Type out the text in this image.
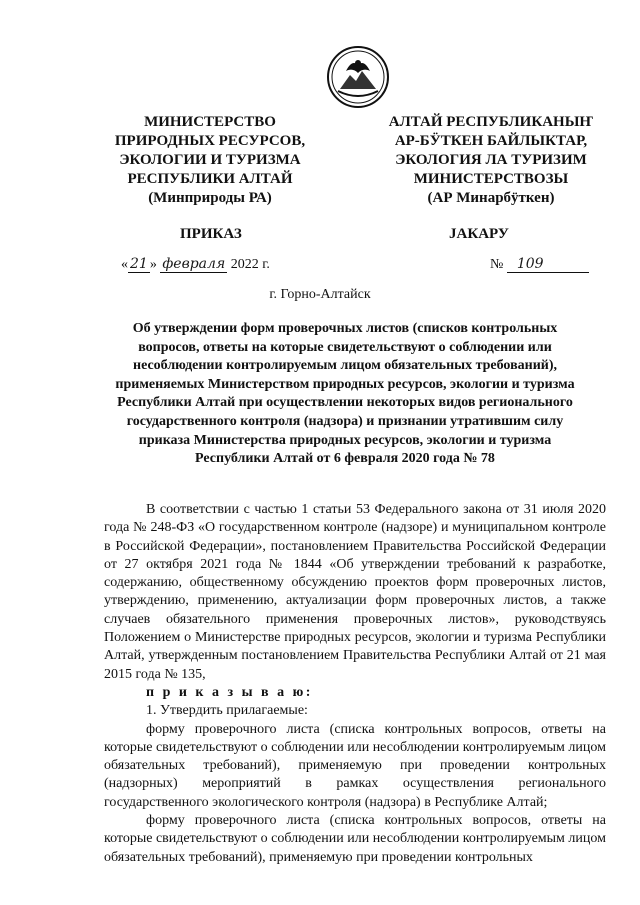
МИНИСТЕРСТВО
ПРИРОДНЫХ РЕСУРСОВ,
ЭКОЛОГИИ И ТУРИЗМА
РЕСПУБЛИКИ АЛТАЙ
(Минприроды РА)
АЛТАЙ РЕСПУБЛИКАНЫҤ
АР-БӰТКЕН БАЙЛЫКТАР,
ЭКОЛОГИЯ ЛА ТУРИЗИМ
МИНИСТЕРСТВОЗЫ
(АР Минарбӱткен)
ПРИКАЗ	JАКАРУ
« 21 » февраля 2022 г.	№ 109
г. Горно-Алтайск
Об утверждении форм проверочных листов (списков контрольных
вопросов, ответы на которые свидетельствуют о соблюдении или
несоблюдении контролируемым лицом обязательных требований),
применяемых Министерством природных ресурсов, экологии и туризма
Республики Алтай при осуществлении некоторых видов регионального
государственного контроля (надзора) и признании утратившим силу
приказа Министерства природных ресурсов, экологии и туризма
Республики Алтай от 6 февраля 2020 года № 78

В соответствии с частью 1 статьи 53 Федерального закона от 31 июля 2020 года № 248-ФЗ «О государственном контроле (надзоре) и муниципальном контроле в Российской Федерации», постановлением Правительства Российской Федерации от 27 октября 2021 года № 1844 «Об утверждении требований к разработке, содержанию, общественному обсуждению проектов форм проверочных листов, утверждению, применению, актуализации форм проверочных листов, а также случаев обязательного применения проверочных листов», руководствуясь Положением о Министерстве природных ресурсов, экологии и туризма Республики Алтай, утвержденным постановлением Правительства Республики Алтай от 21 мая 2015 года № 135,

п р и к а з ы в а ю:

1. Утвердить прилагаемые:

форму проверочного листа (списка контрольных вопросов, ответы на которые свидетельствуют о соблюдении или несоблюдении контролируемым лицом обязательных требований), применяемую при проведении контрольных (надзорных) мероприятий в рамках осуществления регионального государственного экологического контроля (надзора) в Республике Алтай;

форму проверочного листа (списка контрольных вопросов, ответы на которые свидетельствуют о соблюдении или несоблюдении контролируемым лицом обязательных требований), применяемую при проведении контрольных
